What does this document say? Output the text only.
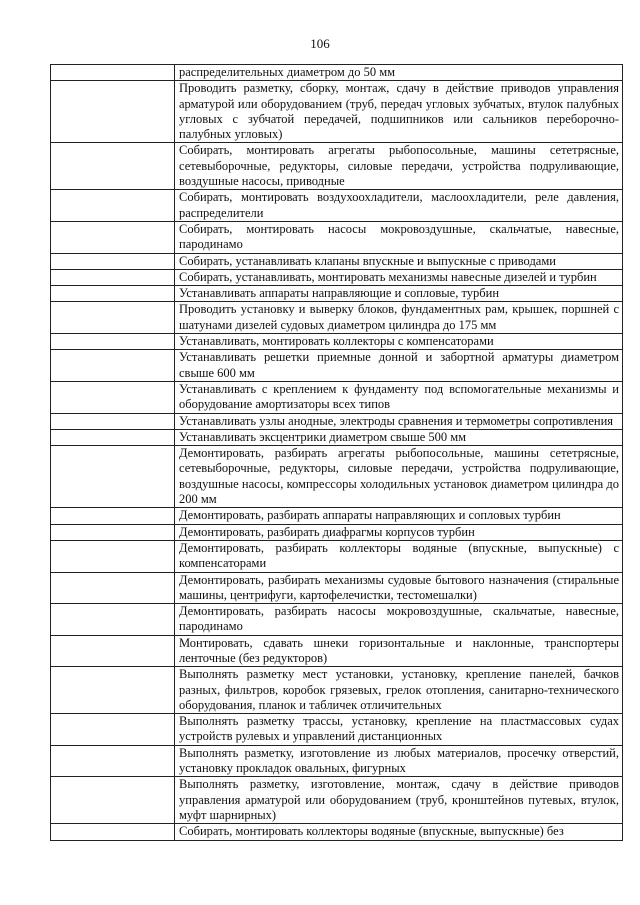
106

	распределительных диаметром до 50 мм

	Проводить разметку, сборку, монтаж, сдачу в действие приводов управления арматурой или оборудованием (труб, передач угловых зубчатых, втулок палубных угловых с зубчатой передачей, подшипников или сальников переборочно-палубных угловых)

	Собирать, монтировать агрегаты рыбопосольные, машины сететрясные, сетевыборочные, редукторы, силовые передачи, устройства подруливающие, воздушные насосы, приводные

	Собирать, монтировать воздухоохладители, маслоохладители, реле давления, распределители

	Собирать, монтировать насосы мокровоздушные, скальчатые, навесные, пародинамо

	Собирать, устанавливать клапаны впускные и выпускные с приводами

	Собирать, устанавливать, монтировать механизмы навесные дизелей и турбин

	Устанавливать аппараты направляющие и сопловые, турбин

	Проводить установку и выверку блоков, фундаментных рам, крышек, поршней с шатунами дизелей судовых диаметром цилиндра до 175 мм

	Устанавливать, монтировать коллекторы с компенсаторами

	Устанавливать решетки приемные донной и забортной арматуры диаметром свыше 600 мм

	Устанавливать с креплением к фундаменту под вспомогательные механизмы и оборудование амортизаторы всех типов

	Устанавливать узлы анодные, электроды сравнения и термометры сопротивления

	Устанавливать эксцентрики диаметром свыше 500 мм

	Демонтировать, разбирать агрегаты рыбопосольные, машины сететрясные, сетевыборочные, редукторы, силовые передачи, устройства подруливающие, воздушные насосы, компрессоры холодильных установок диаметром цилиндра до 200 мм

	Демонтировать, разбирать аппараты направляющих и сопловых турбин

	Демонтировать, разбирать диафрагмы корпусов турбин

	Демонтировать, разбирать коллекторы водяные (впускные, выпускные) с компенсаторами

	Демонтировать, разбирать механизмы судовые бытового назначения (стиральные машины, центрифуги, картофелечистки, тестомешалки)

	Демонтировать, разбирать насосы мокровоздушные, скальчатые, навесные, пародинамо

	Монтировать, сдавать шнеки горизонтальные и наклонные, транспортеры ленточные (без редукторов)

	Выполнять разметку мест установки, установку, крепление панелей, бачков разных, фильтров, коробок грязевых, грелок отопления, санитарно-технического оборудования, планок и табличек отличительных

	Выполнять разметку трассы, установку, крепление на пластмассовых судах устройств рулевых и управлений дистанционных

	Выполнять разметку, изготовление из любых материалов, просечку отверстий, установку прокладок овальных, фигурных

	Выполнять разметку, изготовление, монтаж, сдачу в действие приводов управления арматурой или оборудованием (труб, кронштейнов путевых, втулок, муфт шарнирных)

	Собирать, монтировать коллекторы водяные (впускные, выпускные) без
